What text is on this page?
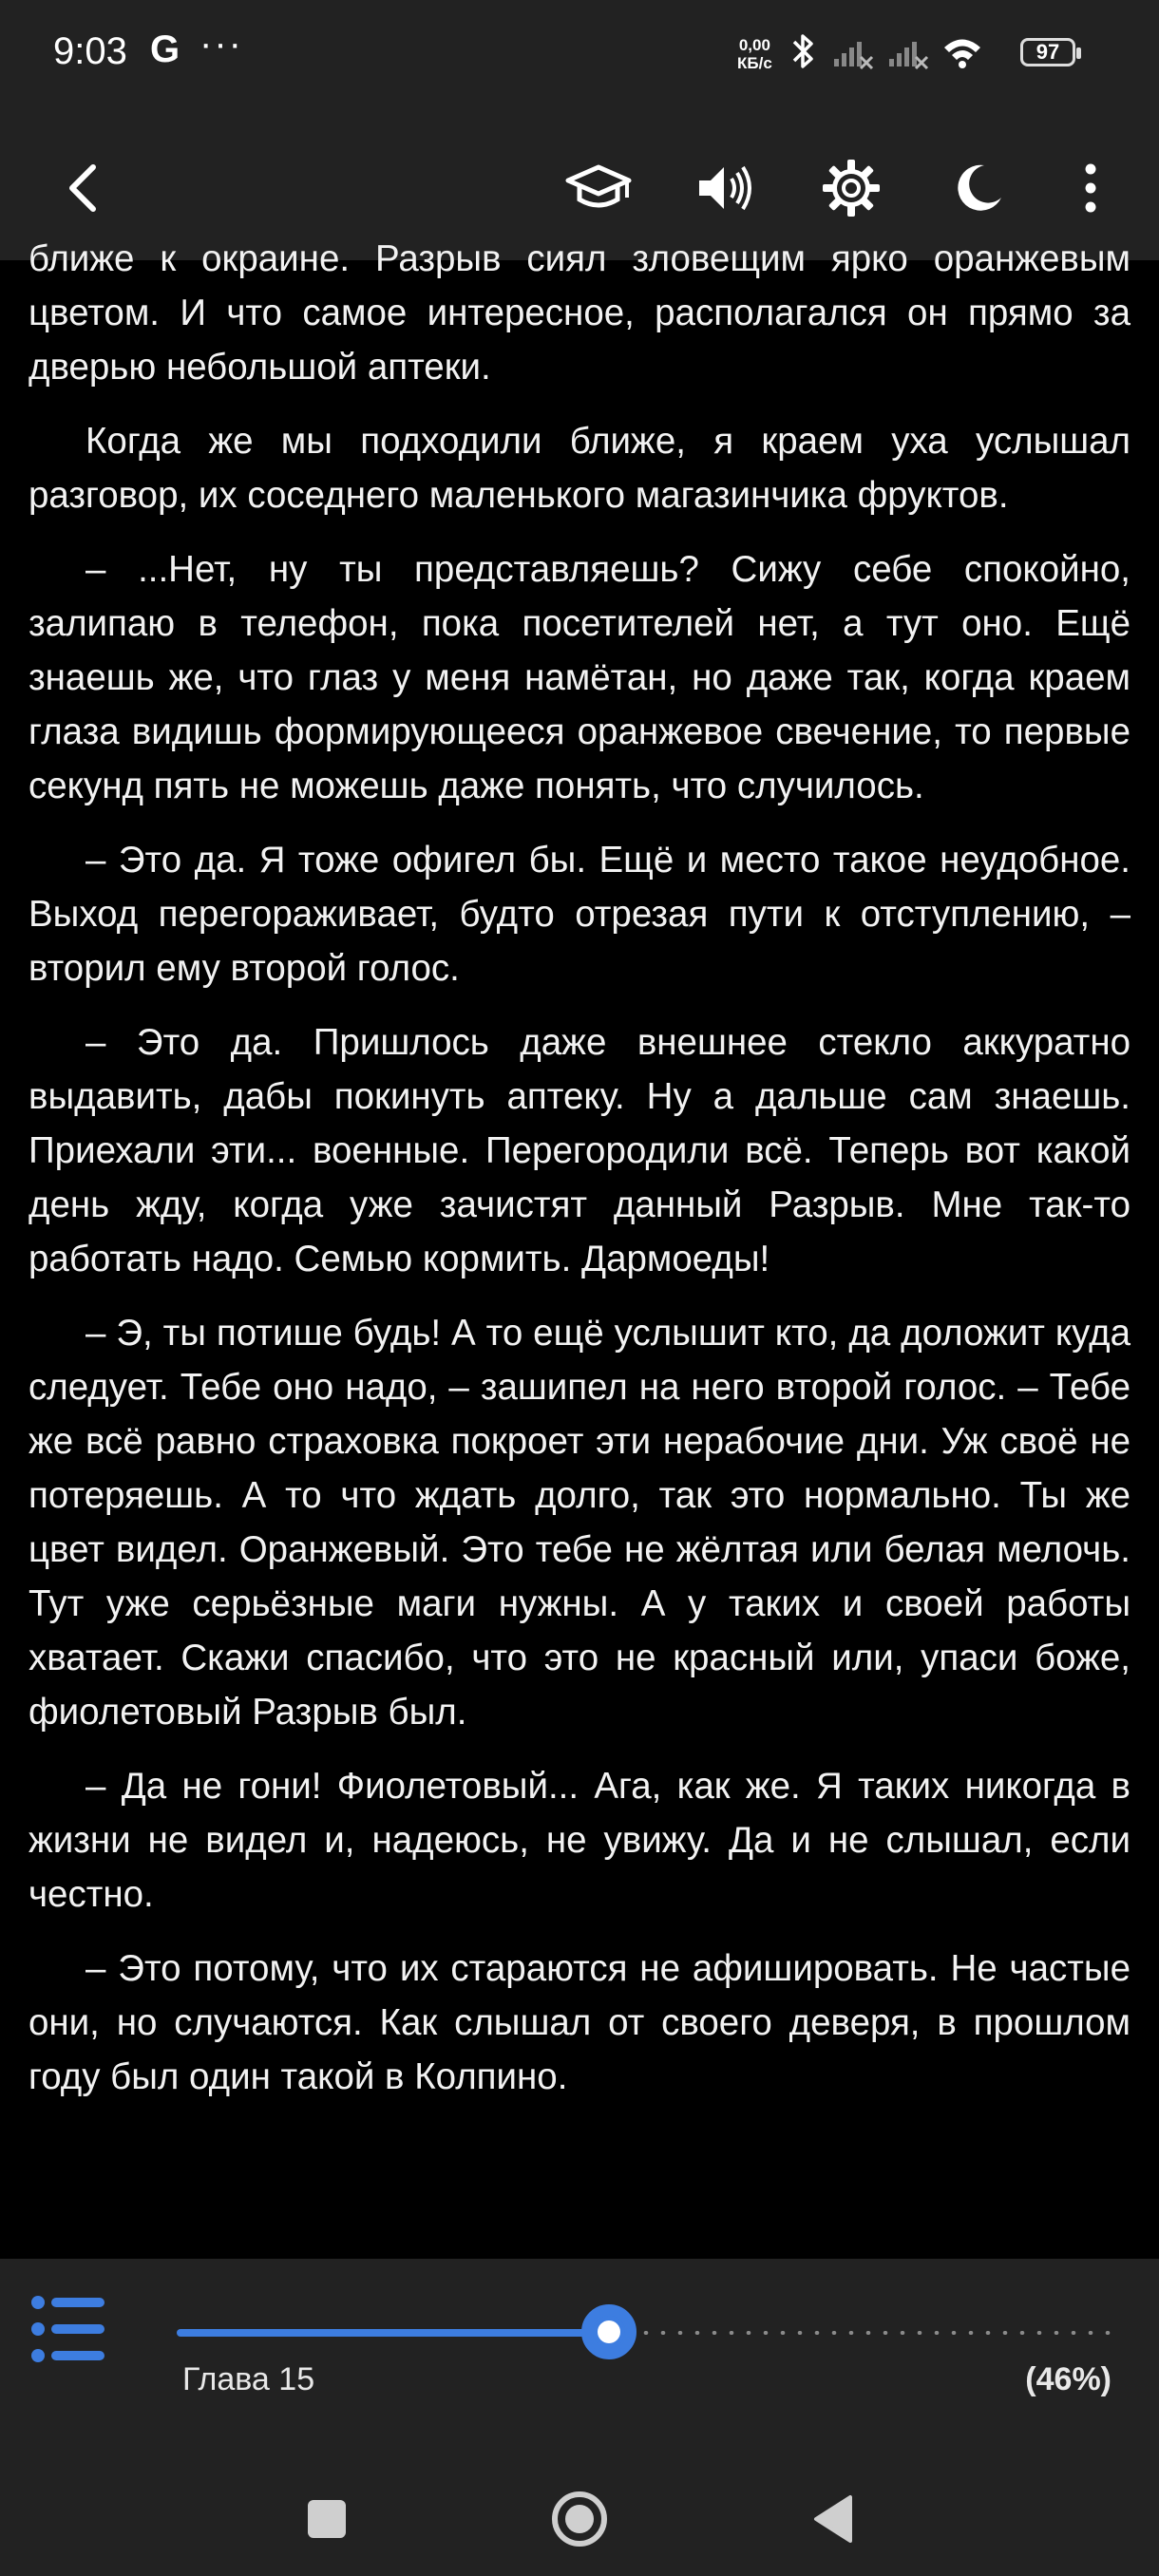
9:03 G ···	0,00
КБ/с	97

ближе к окраине. Разрыв сиял зловещим ярко оранжевым цветом. И что самое интересное, располагался он прямо за дверью небольшой аптеки.

Когда же мы подходили ближе, я краем уха услышал разговор, их соседнего маленького магазинчика фруктов.

– ...Нет, ну ты представляешь? Сижу себе спокойно, залипаю в телефон, пока посетителей нет, а тут оно. Ещё знаешь же, что глаз у меня намётан, но даже так, когда краем глаза видишь формирующееся оранжевое свечение, то первые секунд пять не можешь даже понять, что случилось.

– Это да. Я тоже офигел бы. Ещё и место такое неудобное. Выход перегораживает, будто отрезая пути к отступлению, – вторил ему второй голос.

– Это да. Пришлось даже внешнее стекло аккуратно выдавить, дабы покинуть аптеку. Ну а дальше сам знаешь. Приехали эти... военные. Перегородили всё. Теперь вот какой день жду, когда уже зачистят данный Разрыв. Мне так-то работать надо. Семью кормить. Дармоеды!

– Э, ты потише будь! А то ещё услышит кто, да доложит куда следует. Тебе оно надо, – зашипел на него второй голос. – Тебе же всё равно страховка покроет эти нерабочие дни. Уж своё не потеряешь. А то что ждать долго, так это нормально. Ты же цвет видел. Оранжевый. Это тебе не жёлтая или белая мелочь. Тут уже серьёзные маги нужны. А у таких и своей работы хватает. Скажи спасибо, что это не красный или, упаси боже, фиолетовый Разрыв был.

– Да не гони! Фиолетовый... Ага, как же. Я таких никогда в жизни не видел и, надеюсь, не увижу. Да и не слышал, если честно.

– Это потому, что их стараются не афишировать. Не частые они, но случаются. Как слышал от своего деверя, в прошлом году был один такой в Колпино.

Глава 15	(46%)
